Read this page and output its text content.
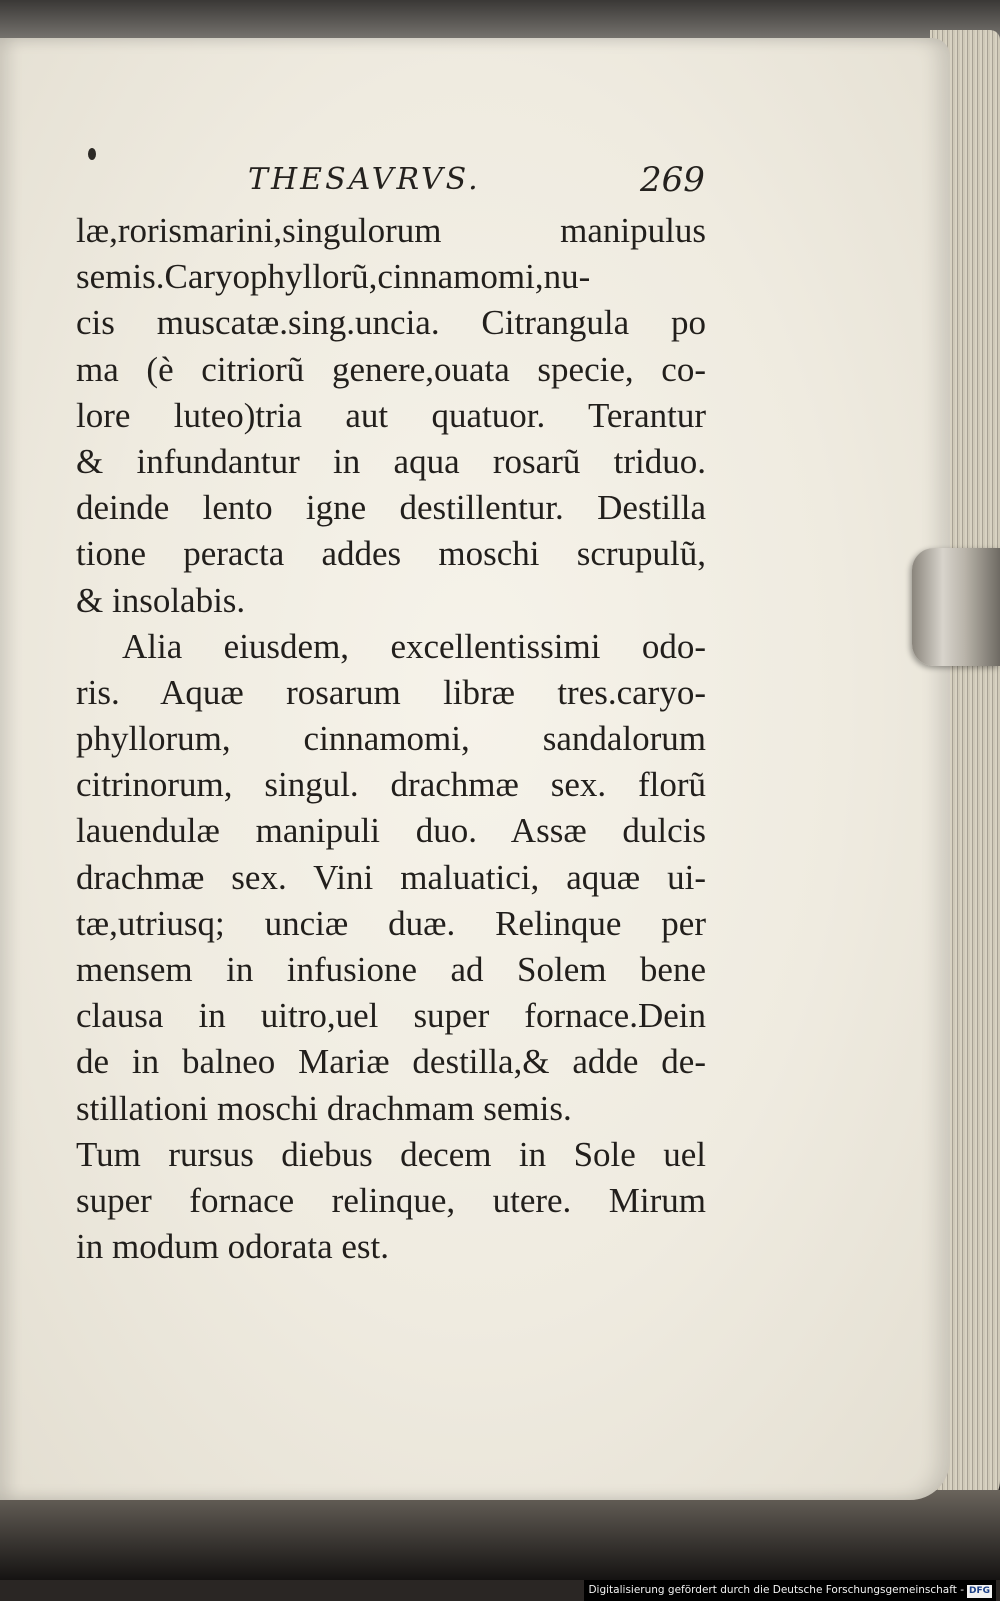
THESAVRVS.	269
læ,rorismarini,singulorum manipulus
semis.Caryophyllorũ,cinnamomi,nu-
cis muscatæ.sing.uncia. Citrangula po
ma (è citriorũ genere,ouata specie, co-
lore luteo)tria aut quatuor. Terantur
& infundantur in aqua rosarũ triduo.
deinde lento igne destillentur. Destilla
tione peracta addes moschi scrupulũ,
& insolabis.
Alia eiusdem, excellentissimi odo-
ris. Aquæ rosarum libræ tres.caryo-
phyllorum, cinnamomi, sandalorum
citrinorum, singul. drachmæ sex. florũ
lauendulæ manipuli duo. Assæ dulcis
drachmæ sex. Vini maluatici, aquæ ui-
tæ,utriusq; unciæ duæ. Relinque per
mensem in infusione ad Solem bene
clausa in uitro,uel super fornace.Dein
de in balneo Mariæ destilla,& adde de-
stillationi moschi drachmam semis.
Tum rursus diebus decem in Sole uel
super fornace relinque, utere. Mirum
in modum odorata est.
Digitalisierung gefördert durch die Deutsche Forschungsgemeinschaft - DFG
